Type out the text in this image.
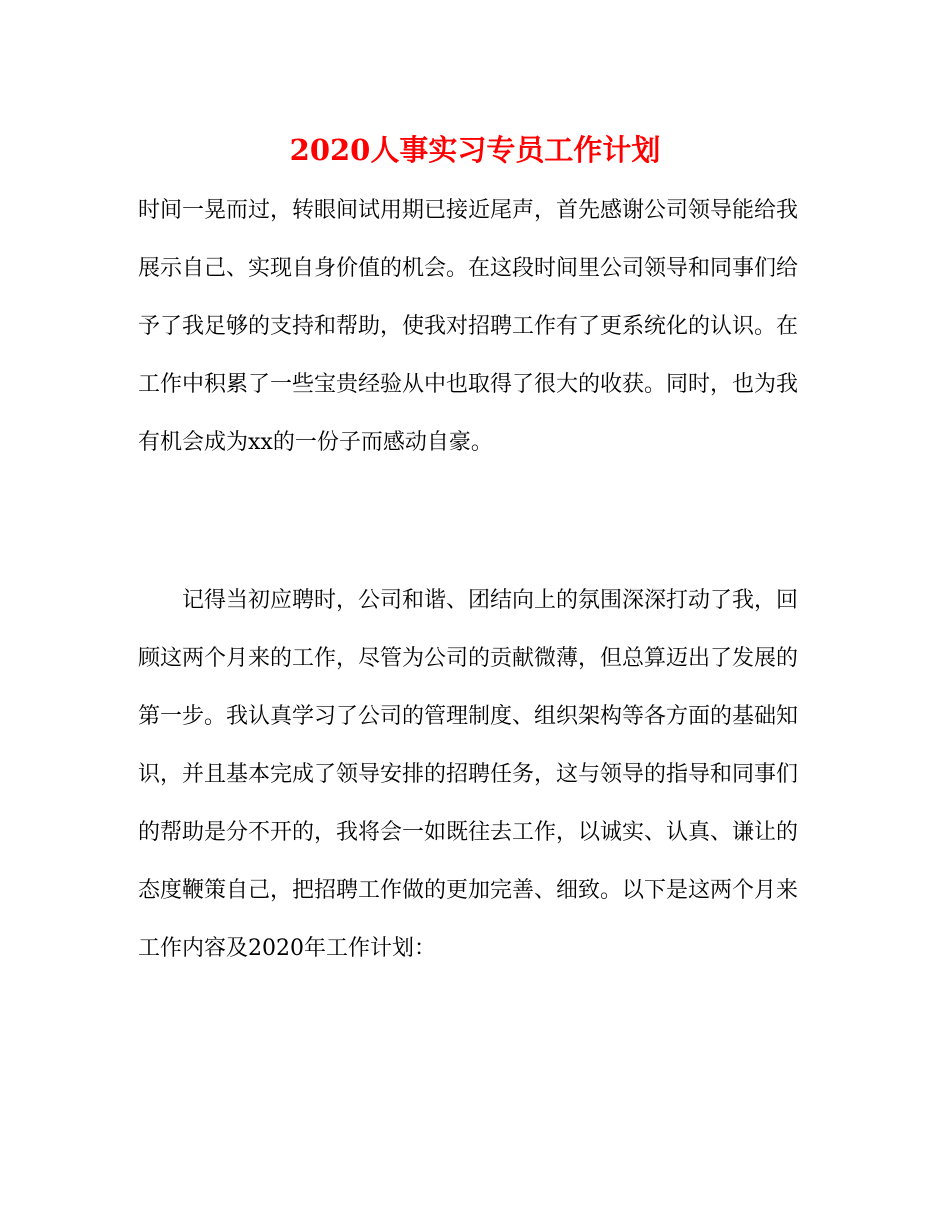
2020人事实习专员工作计划
时间一晃而过，转眼间试用期已接近尾声，首先感谢公司领导能给我
展示自己、实现自身价值的机会。在这段时间里公司领导和同事们给
予了我足够的支持和帮助，使我对招聘工作有了更系统化的认识。在
工作中积累了一些宝贵经验从中也取得了很大的收获。同时，也为我
有机会成为xx的一份子而感动自豪。
记得当初应聘时，公司和谐、团结向上的氛围深深打动了我，回
顾这两个月来的工作，尽管为公司的贡献微薄，但总算迈出了发展的
第一步。我认真学习了公司的管理制度、组织架构等各方面的基础知
识，并且基本完成了领导安排的招聘任务，这与领导的指导和同事们
的帮助是分不开的，我将会一如既往去工作，以诚实、认真、谦让的
态度鞭策自己，把招聘工作做的更加完善、细致。以下是这两个月来
工作内容及2020年工作计划：
